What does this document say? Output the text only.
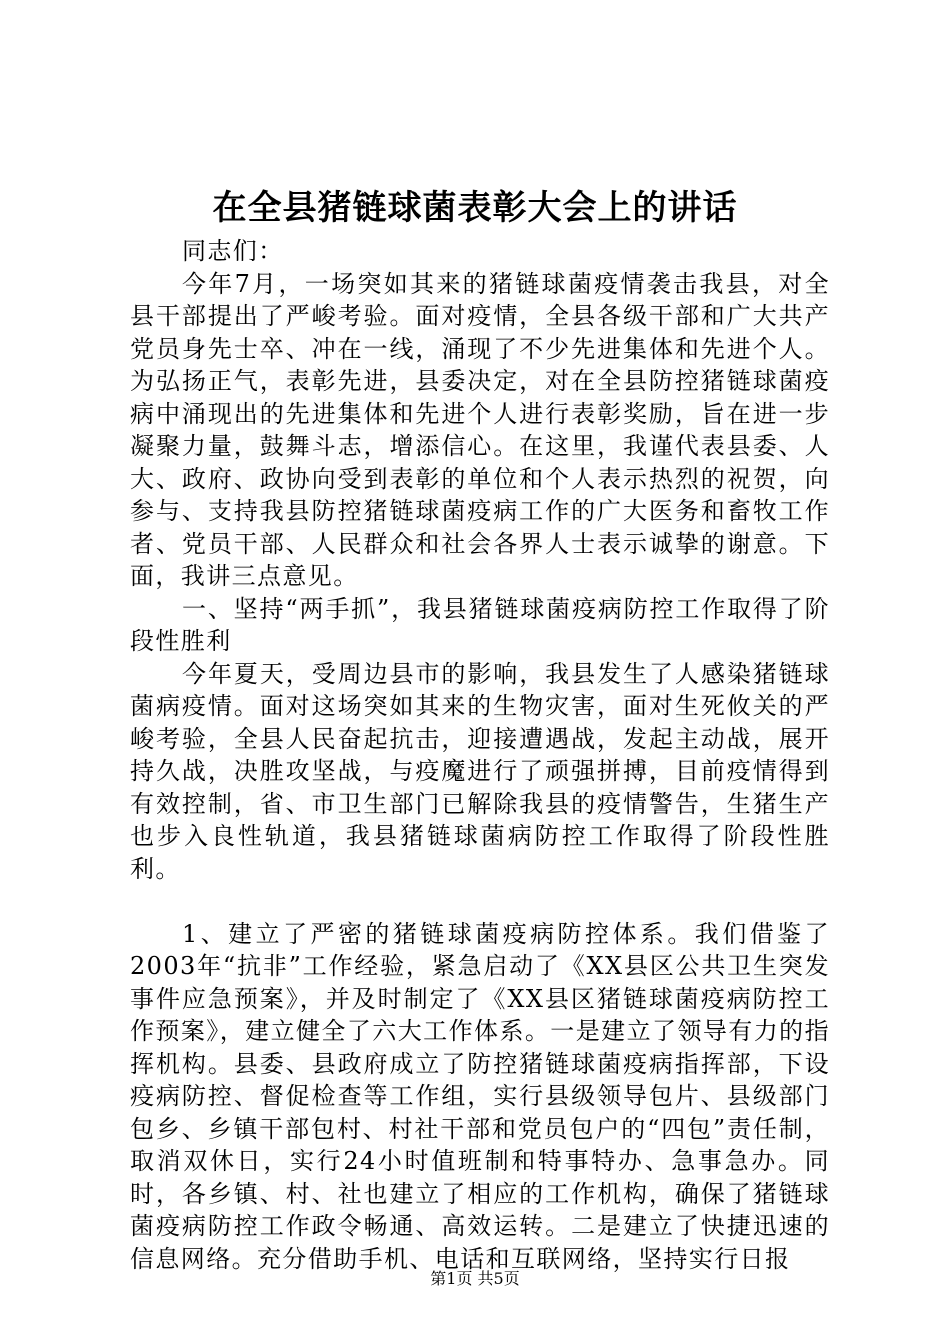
在全县猪链球菌表彰大会上的讲话

同志们：

今年7月，一场突如其来的猪链球菌疫情袭击我县，对全县干部提出了严峻考验。面对疫情，全县各级干部和广大共产党员身先士卒、冲在一线，涌现了不少先进集体和先进个人。为弘扬正气，表彰先进，县委决定，对在全县防控猪链球菌疫病中涌现出的先进集体和先进个人进行表彰奖励，旨在进一步凝聚力量，鼓舞斗志，增添信心。在这里，我谨代表县委、人大、政府、政协向受到表彰的单位和个人表示热烈的祝贺，向参与、支持我县防控猪链球菌疫病工作的广大医务和畜牧工作者、党员干部、人民群众和社会各界人士表示诚挚的谢意。下面，我讲三点意见。

一、坚持“两手抓”，我县猪链球菌疫病防控工作取得了阶段性胜利

今年夏天，受周边县市的影响，我县发生了人感染猪链球菌病疫情。面对这场突如其来的生物灾害，面对生死攸关的严峻考验，全县人民奋起抗击，迎接遭遇战，发起主动战，展开持久战，决胜攻坚战，与疫魔进行了顽强拼搏，目前疫情得到有效控制，省、市卫生部门已解除我县的疫情警告，生猪生产也步入良性轨道，我县猪链球菌病防控工作取得了阶段性胜利。

1、建立了严密的猪链球菌疫病防控体系。我们借鉴了2003年“抗非”工作经验，紧急启动了《XX县区公共卫生突发事件应急预案》，并及时制定了《XX县区猪链球菌疫病防控工作预案》，建立健全了六大工作体系。一是建立了领导有力的指挥机构。县委、县政府成立了防控猪链球菌疫病指挥部，下设疫病防控、督促检查等工作组，实行县级领导包片、县级部门包乡、乡镇干部包村、村社干部和党员包户的“四包”责任制，取消双休日，实行24小时值班制和特事特办、急事急办。同时，各乡镇、村、社也建立了相应的工作机构，确保了猪链球菌疫病防控工作政令畅通、高效运转。二是建立了快捷迅速的信息网络。充分借助手机、电话和互联网络，坚持实行日报

第1页 共5页
